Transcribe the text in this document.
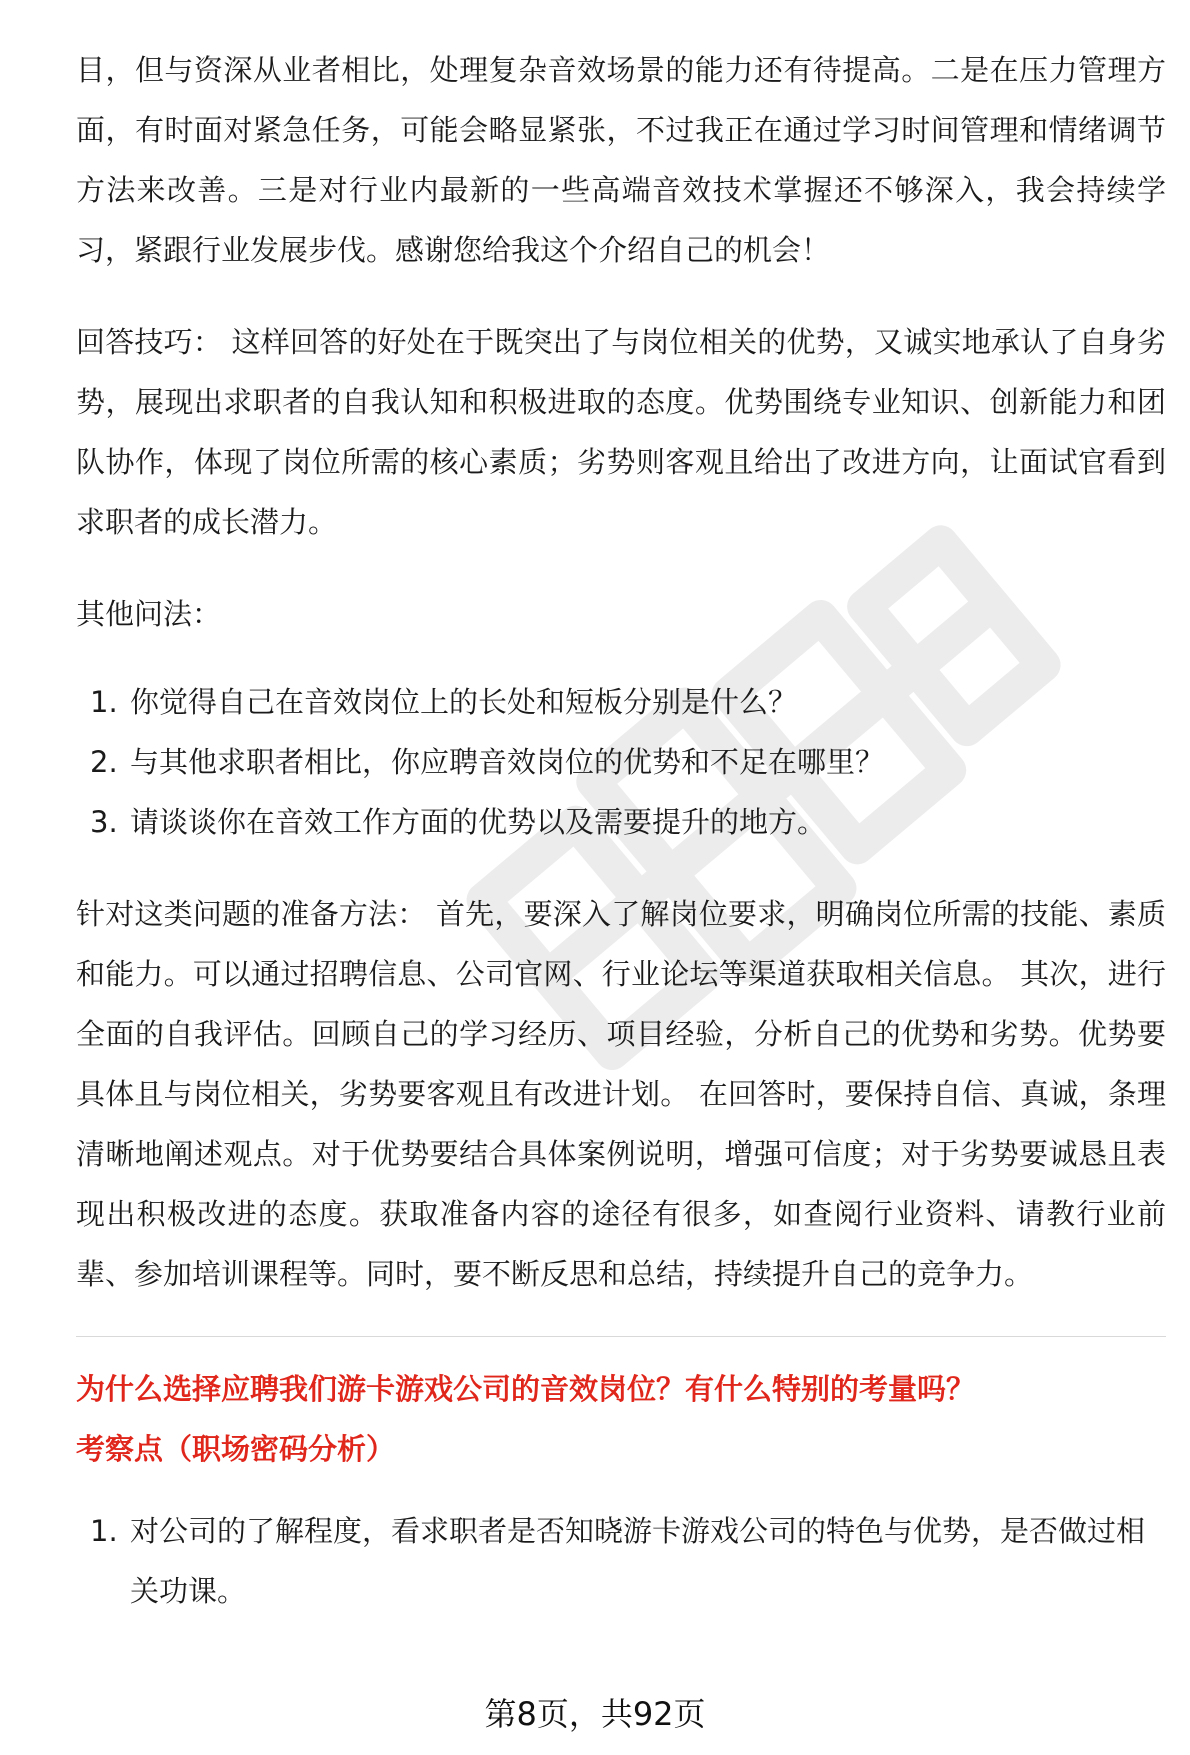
目，但与资深从业者相比，处理复杂音效场景的能力还有待提高。二是在压力管理方面，有时面对紧急任务，可能会略显紧张，不过我正在通过学习时间管理和情绪调节方法来改善。三是对行业内最新的一些高端音效技术掌握还不够深入，我会持续学习，紧跟行业发展步伐。感谢您给我这个介绍自己的机会！

回答技巧： 这样回答的好处在于既突出了与岗位相关的优势，又诚实地承认了自身劣势，展现出求职者的自我认知和积极进取的态度。优势围绕专业知识、创新能力和团队协作，体现了岗位所需的核心素质；劣势则客观且给出了改进方向，让面试官看到求职者的成长潜力。

其他问法：

1. 你觉得自己在音效岗位上的长处和短板分别是什么？
2. 与其他求职者相比，你应聘音效岗位的优势和不足在哪里？
3. 请谈谈你在音效工作方面的优势以及需要提升的地方。

针对这类问题的准备方法： 首先，要深入了解岗位要求，明确岗位所需的技能、素质和能力。可以通过招聘信息、公司官网、行业论坛等渠道获取相关信息。 其次，进行全面的自我评估。回顾自己的学习经历、项目经验，分析自己的优势和劣势。优势要具体且与岗位相关，劣势要客观且有改进计划。 在回答时，要保持自信、真诚，条理清晰地阐述观点。对于优势要结合具体案例说明，增强可信度；对于劣势要诚恳且表现出积极改进的态度。获取准备内容的途径有很多，如查阅行业资料、请教行业前辈、参加培训课程等。同时，要不断反思和总结，持续提升自己的竞争力。

为什么选择应聘我们游卡游戏公司的音效岗位？有什么特别的考量吗？

考察点（职场密码分析）

1. 对公司的了解程度，看求职者是否知晓游卡游戏公司的特色与优势，是否做过相关功课。
第8页，共92页
